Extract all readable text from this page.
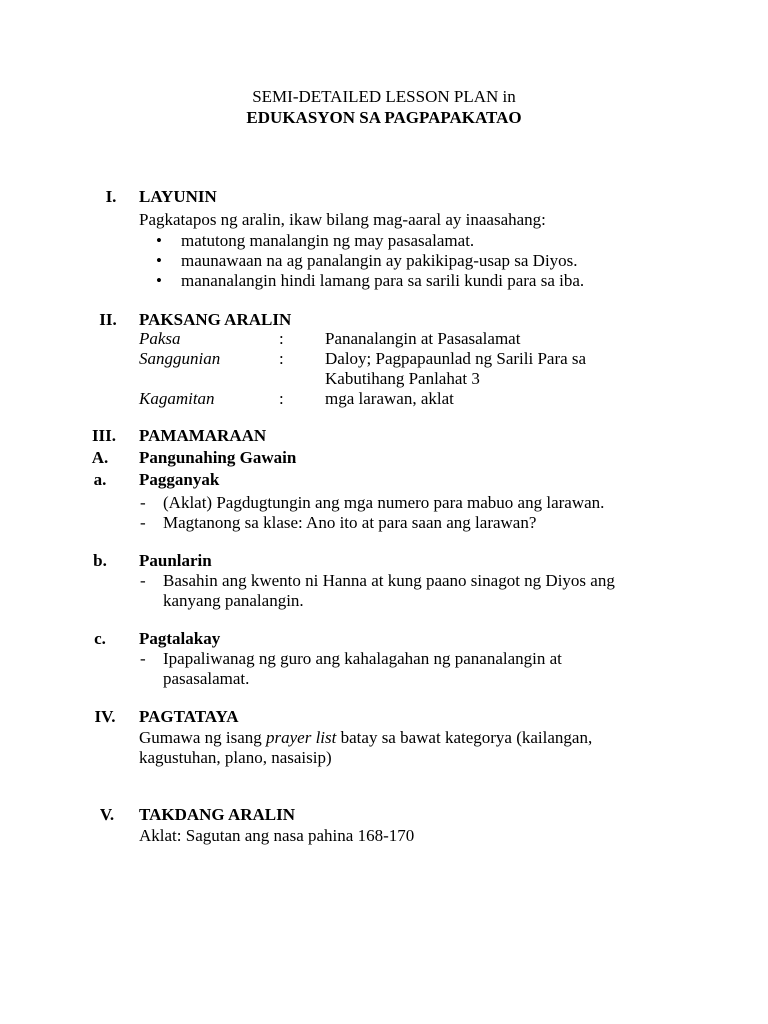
SEMI-DETAILED LESSON PLAN in
EDUKASYON SA PAGPAPAKATAO
I.	LAYUNIN
Pagkatapos ng aralin, ikaw bilang mag-aaral ay inaasahang:
• matutong manalangin ng may pasasalamat.
• maunawaan na ag panalangin ay pakikipag-usap sa Diyos.
• mananalangin hindi lamang para sa sarili kundi para sa iba.
II.	PAKSANG ARALIN
Paksa	: Pananalangin at Pasasalamat
Sanggunian	: Daloy; Pagpapaunlad ng Sarili Para sa
Kabutihang Panlahat 3
Kagamitan	: mga larawan, aklat
III.	PAMAMARAAN
A.	Pangunahing Gawain
a.	Pagganyak
- (Aklat) Pagdugtungin ang mga numero para mabuo ang larawan.
- Magtanong sa klase: Ano ito at para saan ang larawan?
b.	Paunlarin
- Basahin ang kwento ni Hanna at kung paano sinagot ng Diyos ang
kanyang panalangin.
c.	Pagtalakay
- Ipapaliwanag ng guro ang kahalagahan ng pananalangin at
pasasalamat.
IV.	PAGTATAYA
Gumawa ng isang prayer list batay sa bawat kategorya (kailangan,
kagustuhan, plano, nasaisip)
V.	TAKDANG ARALIN
Aklat: Sagutan ang nasa pahina 168-170
